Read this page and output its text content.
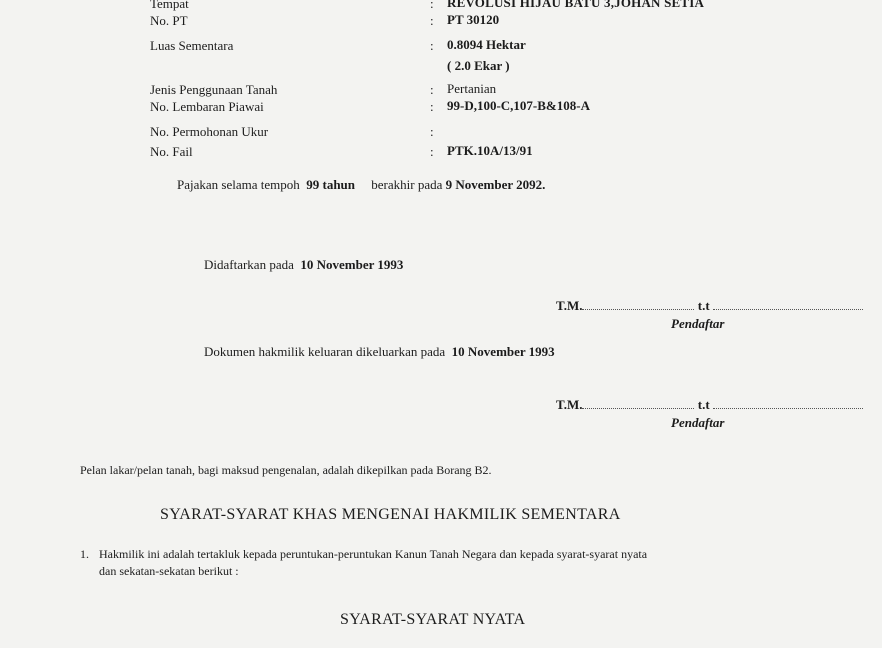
Tempat
No. PT
Luas Sementara
Jenis Penggunaan Tanah
No. Lembaran Piawai
No. Permohonan Ukur
No. Fail
:
:
:
:
:
:
:
REVOLUSI HIJAU BATU 3,JOHAN SETIA
PT 30120
0.8094 Hektar
( 2.0 Ekar )
Pertanian
99-D,100-C,107-B&108-A
PTK.10A/13/91
Pajakan selama tempoh 99 tahun berakhir pada 9 November 2092.
Didaftarkan pada 10 November 1993
T.M.	t.t
Pendaftar
Dokumen hakmilik keluaran dikeluarkan pada 10 November 1993
T.M.	t.t
Pendaftar
Pelan lakar/pelan tanah, bagi maksud pengenalan, adalah dikepilkan pada Borang B2.
SYARAT-SYARAT KHAS MENGENAI HAKMILIK SEMENTARA
1. Hakmilik ini adalah tertakluk kepada peruntukan-peruntukan Kanun Tanah Negara dan kepada syarat-syarat nyata
dan sekatan-sekatan berikut :
SYARAT-SYARAT NYATA
